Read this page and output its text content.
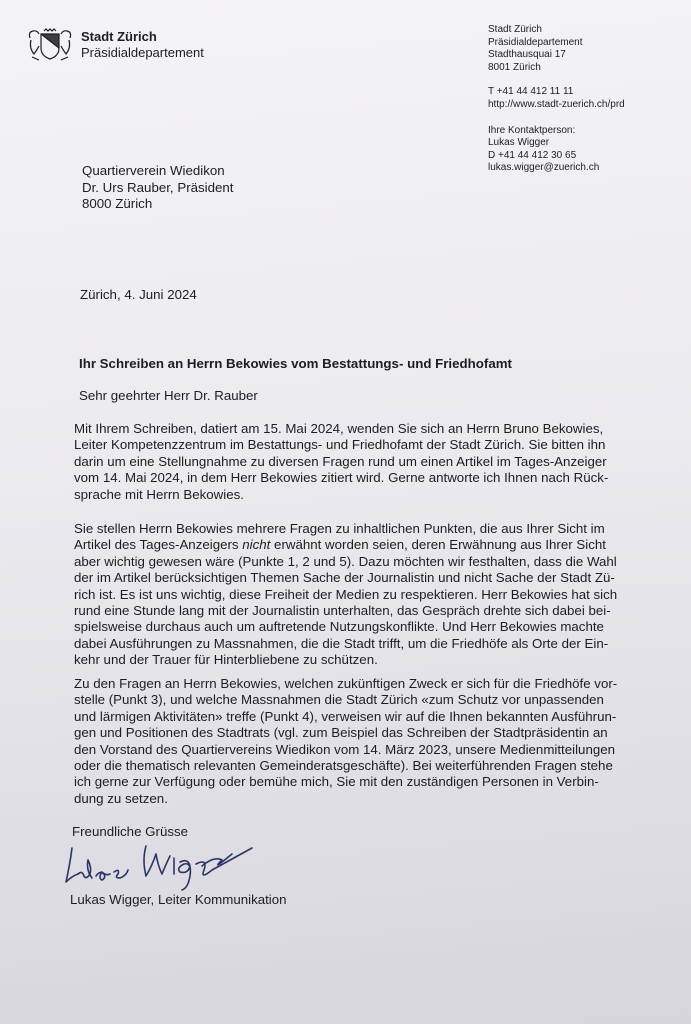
Stadt Zürich
Präsidialdepartement
Stadt Zürich
Präsidialdepartement
Stadthausquai 17
8001 Zürich
T +41 44 412 11 11
http://www.stadt-zuerich.ch/prd
Ihre Kontaktperson:
Lukas Wigger
D +41 44 412 30 65
lukas.wigger@zuerich.ch
Quartierverein Wiedikon
Dr. Urs Rauber, Präsident
8000 Zürich
Zürich, 4. Juni 2024
Ihr Schreiben an Herrn Bekowies vom Bestattungs- und Friedhofamt
Sehr geehrter Herr Dr. Rauber
Mit Ihrem Schreiben, datiert am 15. Mai 2024, wenden Sie sich an Herrn Bruno Bekowies,
Leiter Kompetenzzentrum im Bestattungs- und Friedhofamt der Stadt Zürich. Sie bitten ihn
darin um eine Stellungnahme zu diversen Fragen rund um einen Artikel im Tages-Anzeiger
vom 14. Mai 2024, in dem Herr Bekowies zitiert wird. Gerne antworte ich Ihnen nach Rück-
sprache mit Herrn Bekowies.
Sie stellen Herrn Bekowies mehrere Fragen zu inhaltlichen Punkten, die aus Ihrer Sicht im
Artikel des Tages-Anzeigers nicht erwähnt worden seien, deren Erwähnung aus Ihrer Sicht
aber wichtig gewesen wäre (Punkte 1, 2 und 5). Dazu möchten wir festhalten, dass die Wahl
der im Artikel berücksichtigen Themen Sache der Journalistin und nicht Sache der Stadt Zü-
rich ist. Es ist uns wichtig, diese Freiheit der Medien zu respektieren. Herr Bekowies hat sich
rund eine Stunde lang mit der Journalistin unterhalten, das Gespräch drehte sich dabei bei-
spielsweise durchaus auch um auftretende Nutzungskonflikte. Und Herr Bekowies machte
dabei Ausführungen zu Massnahmen, die die Stadt trifft, um die Friedhöfe als Orte der Ein-
kehr und der Trauer für Hinterbliebene zu schützen.
Zu den Fragen an Herrn Bekowies, welchen zukünftigen Zweck er sich für die Friedhöfe vor-
stelle (Punkt 3), und welche Massnahmen die Stadt Zürich «zum Schutz vor unpassenden
und lärmigen Aktivitäten» treffe (Punkt 4), verweisen wir auf die Ihnen bekannten Ausführun-
gen und Positionen des Stadtrats (vgl. zum Beispiel das Schreiben der Stadtpräsidentin an
den Vorstand des Quartiervereins Wiedikon vom 14. März 2023, unsere Medienmitteilungen
oder die thematisch relevanten Gemeinderatsgeschäfte). Bei weiterführenden Fragen stehe
ich gerne zur Verfügung oder bemühe mich, Sie mit den zuständigen Personen in Verbin-
dung zu setzen.
Freundliche Grüsse
Lukas Wigger, Leiter Kommunikation
